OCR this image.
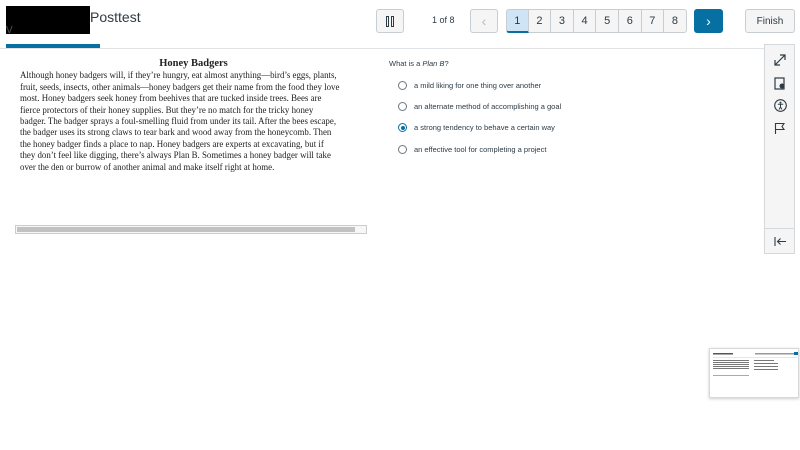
Posttest
V
1 of 8 ‹	1	2	3	4	5	6	7	8	›	Finish
Honey Badgers

Although honey badgers will, if they’re hungry, eat almost anything—bird’s eggs, plants,
fruit, seeds, insects, other animals—honey badgers get their name from the food they love
most. Honey badgers seek honey from beehives that are tucked inside trees. Bees are
fierce protectors of their honey supplies. But they’re no match for the tricky honey
badger. The badger sprays a foul-smelling fluid from under its tail. After the bees escape,
the badger uses its strong claws to tear bark and wood away from the honeycomb. Then
the honey badger finds a place to nap. Honey badgers are experts at excavating, but if
they don’t feel like digging, there’s always Plan B. Sometimes a honey badger will take
over the den or burrow of another animal and make itself right at home.

What is a Plan B?
a mild liking for one thing over another
an alternate method of accomplishing a goal
a strong tendency to behave a certain way
an effective tool for completing a project
